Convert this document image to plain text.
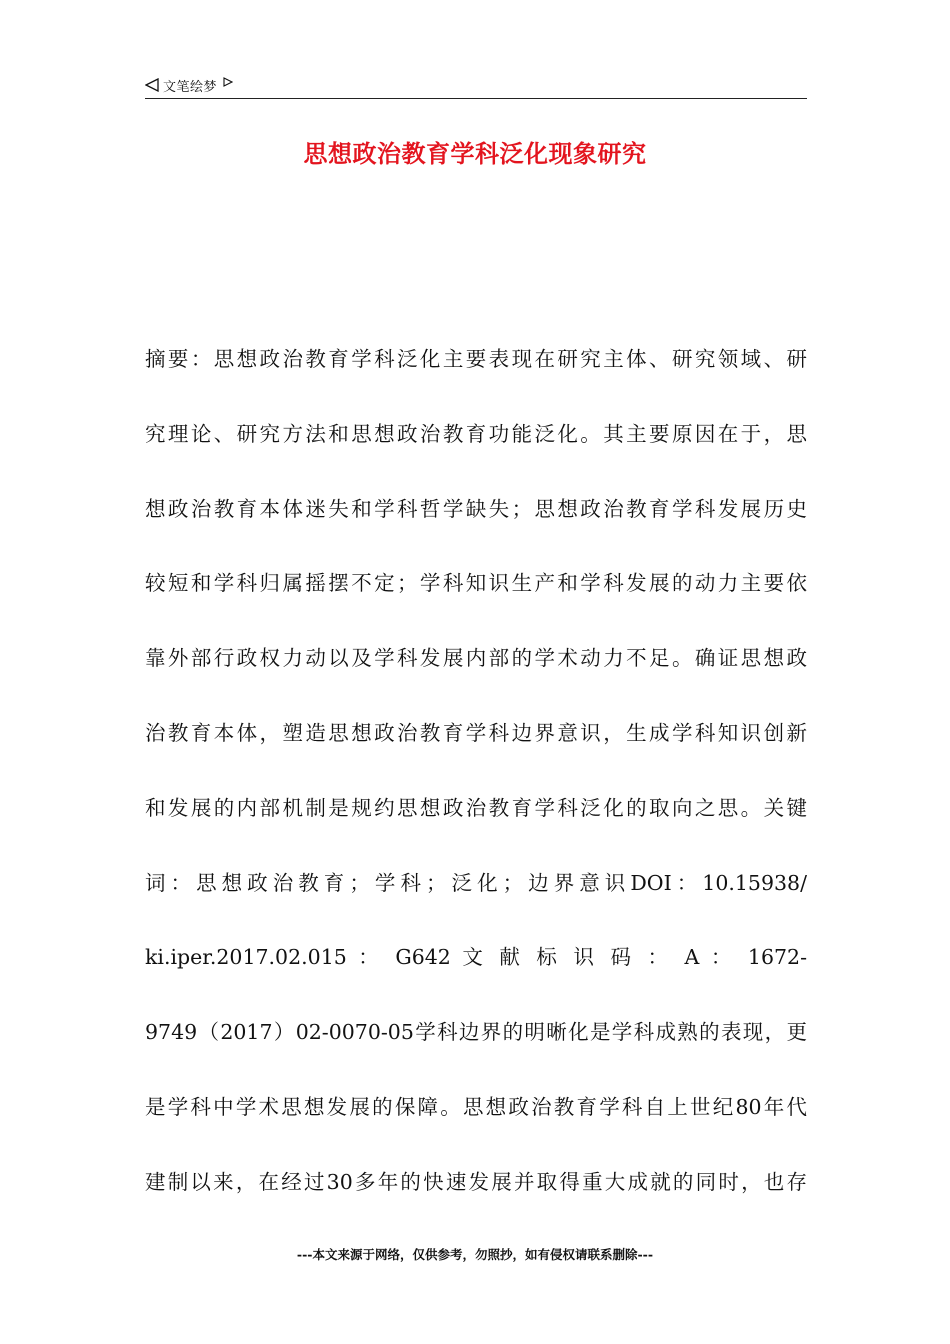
文笔绘梦
思想政治教育学科泛化现象研究
摘要：思想政治教育学科泛化主要表现在研究主体、研究领域、研
究理论、研究方法和思想政治教育功能泛化。其主要原因在于，思
想政治教育本体迷失和学科哲学缺失；思想政治教育学科发展历史
较短和学科归属摇摆不定；学科知识生产和学科发展的动力主要依
靠外部行政权力动以及学科发展内部的学术动力不足。确证思想政
治教育本体，塑造思想政治教育学科边界意识，生成学科知识创新
和发展的内部机制是规约思想政治教育学科泛化的取向之思。关键
词：思想政治教育；学科；泛化；边界意识DOI：10.15938/
ki.iper.2017.02.015 ： G642 文 献 标 识 码 ： A ： 1672-
9749（2017）02-0070-05学科边界的明晰化是学科成熟的表现，更
是学科中学术思想发展的保障。思想政治教育学科自上世纪80年代
建制以来，在经过30多年的快速发展并取得重大成就的同时，也存
---本文来源于网络，仅供参考，勿照抄，如有侵权请联系删除---
